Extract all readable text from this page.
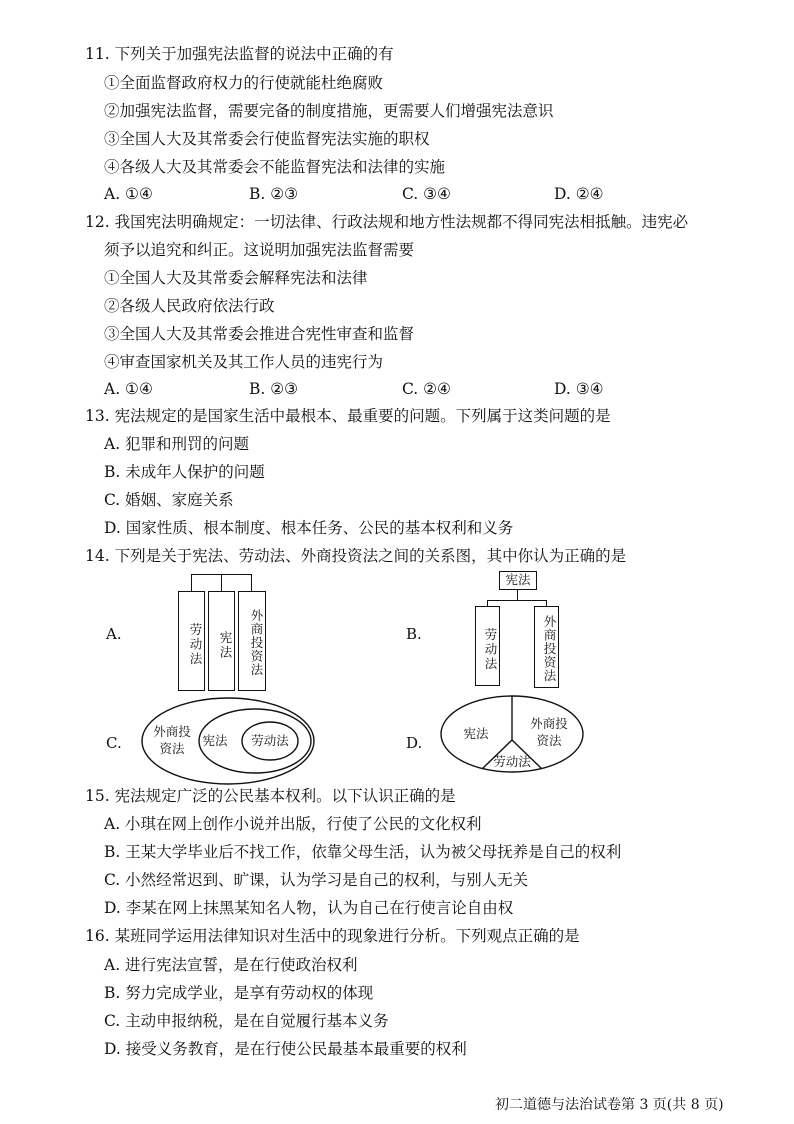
11. 下列关于加强宪法监督的说法中正确的有
①全面监督政府权力的行使就能杜绝腐败
②加强宪法监督，需要完备的制度措施，更需要人们增强宪法意识
③全国人大及其常委会行使监督宪法实施的职权
④各级人大及其常委会不能监督宪法和法律的实施
A. ①④	B. ②③	C. ③④	D. ②④
12. 我国宪法明确规定：一切法律、行政法规和地方性法规都不得同宪法相抵触。违宪必
须予以追究和纠正。这说明加强宪法监督需要
①全国人大及其常委会解释宪法和法律
②各级人民政府依法行政
③全国人大及其常委会推进合宪性审查和监督
④审查国家机关及其工作人员的违宪行为
A. ①④	B. ②③	C. ②④	D. ③④
13. 宪法规定的是国家生活中最根本、最重要的问题。下列属于这类问题的是
A. 犯罪和刑罚的问题
B. 未成年人保护的问题
C. 婚姻、家庭关系
D. 国家性质、根本制度、根本任务、公民的基本权利和义务
14. 下列是关于宪法、劳动法、外商投资法之间的关系图，其中你认为正确的是
A.	劳动法	宪法	外商投资法	B.
宪法
劳动法	外商投资法
C.
外商投
资法
宪法	劳动法	D.
宪法
外商投
资法
劳动法
15. 宪法规定广泛的公民基本权利。以下认识正确的是
A. 小琪在网上创作小说并出版，行使了公民的文化权利
B. 王某大学毕业后不找工作，依靠父母生活，认为被父母抚养是自己的权利
C. 小然经常迟到、旷课，认为学习是自己的权利，与别人无关
D. 李某在网上抹黑某知名人物，认为自己在行使言论自由权
16. 某班同学运用法律知识对生活中的现象进行分析。下列观点正确的是
A. 进行宪法宣誓，是在行使政治权利
B. 努力完成学业，是享有劳动权的体现
C. 主动申报纳税，是在自觉履行基本义务
D. 接受义务教育，是在行使公民最基本最重要的权利
初二道德与法治试卷第 3 页(共 8 页)
